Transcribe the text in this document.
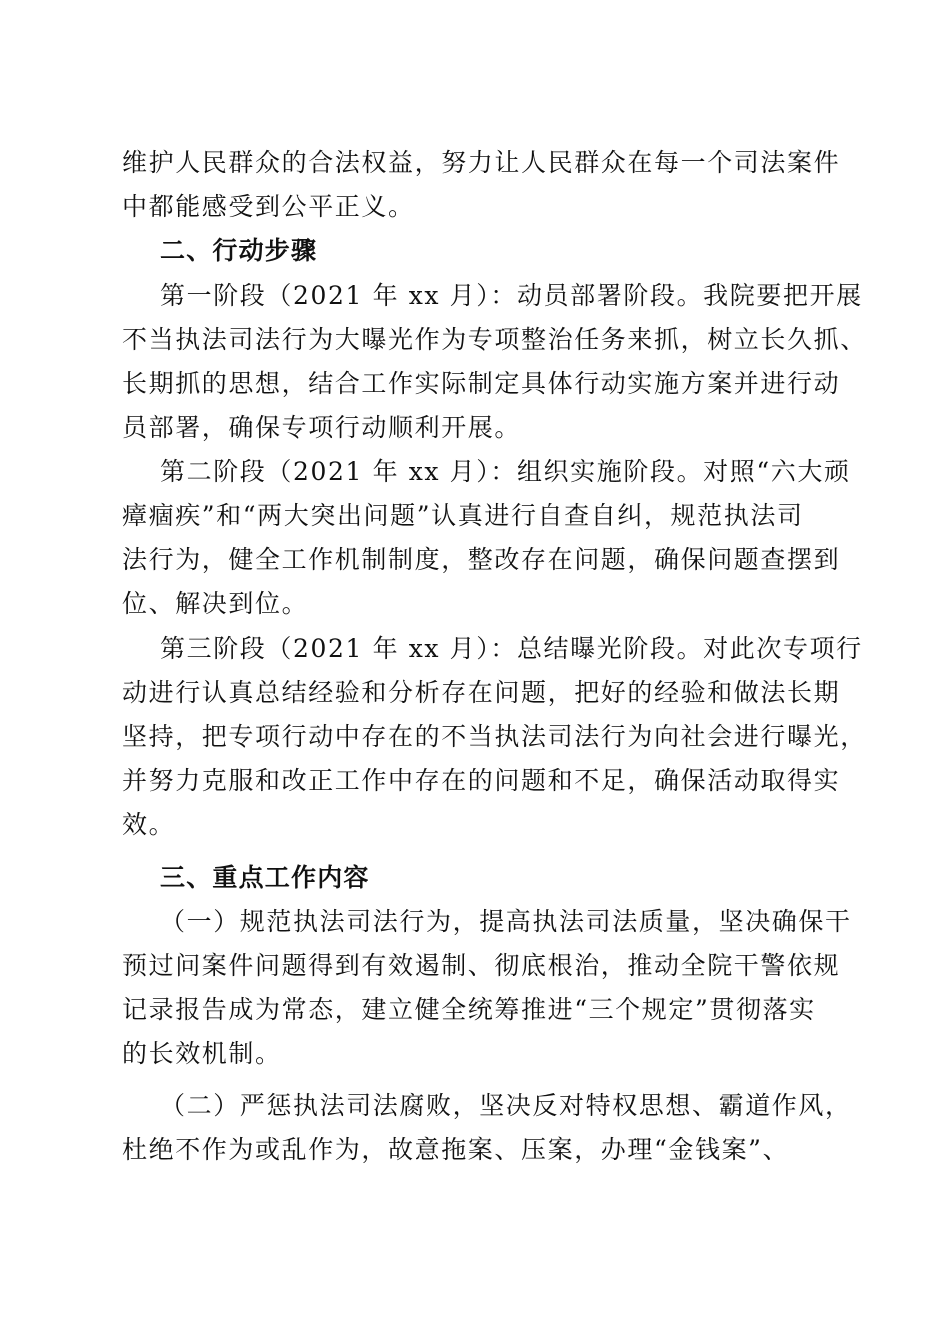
维护人民群众的合法权益，努力让人民群众在每一个司法案件
中都能感受到公平正义。
二、行动步骤
第一阶段（2021 年 xx 月）：动员部署阶段。我院要把开展
不当执法司法行为大曝光作为专项整治任务来抓，树立长久抓、
长期抓的思想，结合工作实际制定具体行动实施方案并进行动
员部署，确保专项行动顺利开展。
第二阶段（2021 年 xx 月）：组织实施阶段。对照“六大顽
瘴痼疾”和“两大突出问题”认真进行自查自纠，规范执法司
法行为，健全工作机制制度，整改存在问题，确保问题查摆到
位、解决到位。
第三阶段（2021 年 xx 月）：总结曝光阶段。对此次专项行
动进行认真总结经验和分析存在问题，把好的经验和做法长期
坚持，把专项行动中存在的不当执法司法行为向社会进行曝光，
并努力克服和改正工作中存在的问题和不足，确保活动取得实
效。
三、重点工作内容
（一）规范执法司法行为，提高执法司法质量，坚决确保干
预过问案件问题得到有效遏制、彻底根治，推动全院干警依规
记录报告成为常态，建立健全统筹推进“三个规定”贯彻落实
的长效机制。
（二）严惩执法司法腐败，坚决反对特权思想、霸道作风，
杜绝不作为或乱作为，故意拖案、压案，办理“金钱案”、
